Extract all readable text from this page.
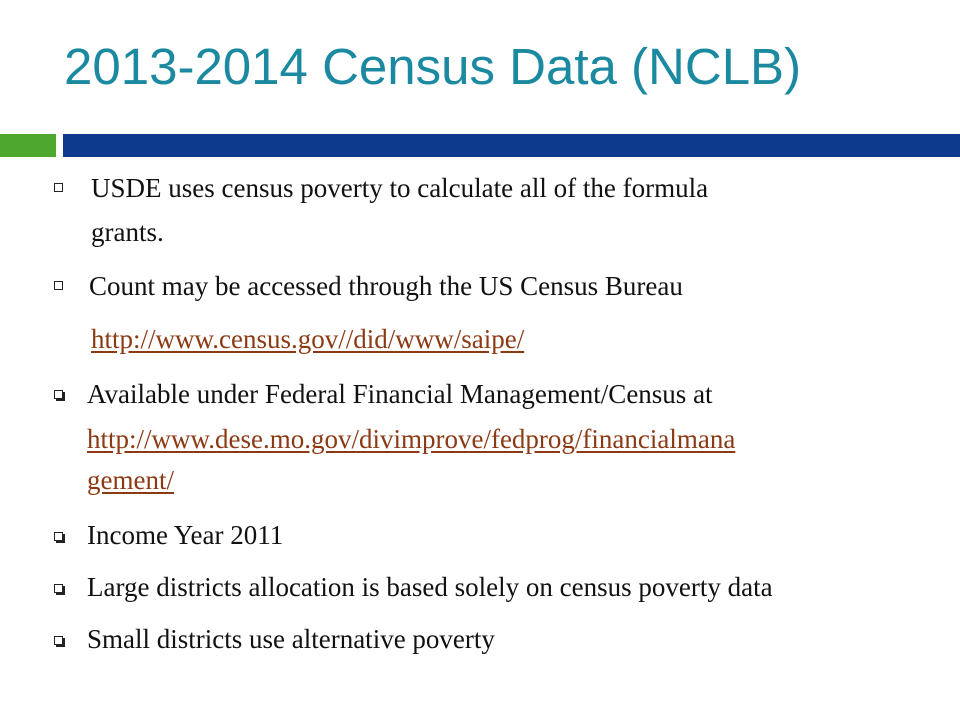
2013-2014 Census Data (NCLB)
USDE uses census poverty to calculate all of the formula
grants.
Count may be accessed through the US Census Bureau
http://www.census.gov//did/www/saipe/
Available under Federal Financial Management/Census at
http://www.dese.mo.gov/divimprove/fedprog/financialmana
gement/
Income Year 2011
Large districts allocation is based solely on census poverty data
Small districts use alternative poverty
